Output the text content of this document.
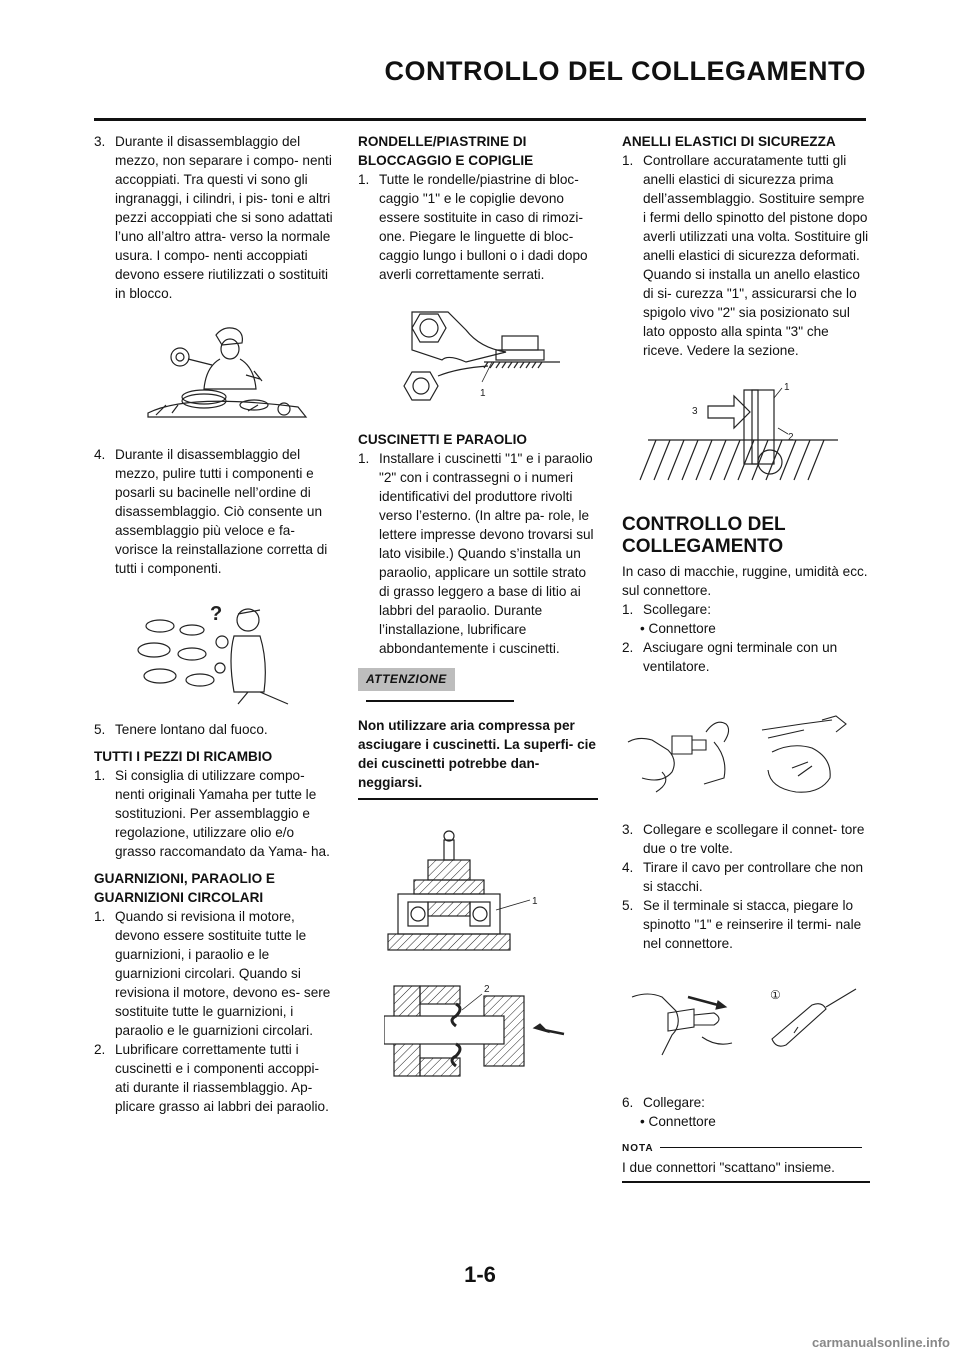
CONTROLLO DEL COLLEGAMENTO

3. Durante il disassemblaggio del mezzo, non separare i compo- nenti accoppiati. Tra questi vi sono gli ingranaggi, i cilindri, i pis- toni e altri pezzi accoppiati che si sono adattati l’uno all’altro attra- verso la normale usura. I compo- nenti accoppiati devono essere riutilizzati o sostituiti in blocco.

4. Durante il disassemblaggio del mezzo, pulire tutti i componenti e posarli su bacinelle nell’ordine di disassemblaggio. Ciò consente un assemblaggio più veloce e fa- vorisce la reinstallazione corretta di tutti i componenti.

?

5. Tenere lontano dal fuoco.

TUTTI I PEZZI DI RICAMBIO

1. Si consiglia di utilizzare compo- nenti originali Yamaha per tutte le sostituzioni. Per assemblaggio e regolazione, utilizzare olio e/o grasso raccomandato da Yama- ha.

GUARNIZIONI, PARAOLIO E GUARNIZIONI CIRCOLARI

1. Quando si revisiona il motore, devono essere sostituite tutte le guarnizioni, i paraolio e le guarnizioni circolari. Quando si revisiona il motore, devono es- sere sostituite tutte le guarnizioni, i paraolio e le guarnizioni circolari.

2. Lubrificare correttamente tutti i cuscinetti e i componenti accoppi- ati durante il riassemblaggio. Ap- plicare grasso ai labbri dei paraolio.

RONDELLE/PIASTRINE DI BLOCCAGGIO E COPIGLIE

1. Tutte le rondelle/piastrine di bloc- caggio "1" e le copiglie devono essere sostituite in caso di rimozi- one. Piegare le linguette di bloc- caggio lungo i bulloni o i dadi dopo averli correttamente serrati.

1

CUSCINETTI E PARAOLIO

1. Installare i cuscinetti "1" e i paraolio "2" con i contrassegni o i numeri identificativi del produttore rivolti verso l’esterno. (In altre pa- role, le lettere impresse devono trovarsi sul lato visibile.) Quando s’installa un paraolio, applicare un sottile strato di grasso leggero a base di litio ai labbri del paraolio. Durante l’installazione, lubrificare abbondantemente i cuscinetti.

ATTENZIONE

Non utilizzare aria compressa per asciugare i cuscinetti. La superfi- cie dei cuscinetti potrebbe dan- neggiarsi.

1
2

ANELLI ELASTICI DI SICUREZZA

1. Controllare accuratamente tutti gli anelli elastici di sicurezza prima dell’assemblaggio. Sostituire sempre i fermi dello spinotto del pistone dopo averli utilizzati una volta. Sostituire gli anelli elastici di sicurezza deformati. Quando si installa un anello elastico di si- curezza "1", assicurarsi che lo spigolo vivo "2" sia posizionato sul lato opposto alla spinta "3" che riceve. Vedere la sezione.

1
2
3

CONTROLLO DEL COLLEGAMENTO

In caso di macchie, ruggine, umidità ecc. sul connettore.

1. Scollegare:

• Connettore

2. Asciugare ogni terminale con un ventilatore.

3. Collegare e scollegare il connet- tore due o tre volte.

4. Tirare il cavo per controllare che non si stacchi.

5. Se il terminale si stacca, piegare lo spinotto "1" e reinserire il termi- nale nel connettore.

①

6. Collegare:

• Connettore

NOTA

I due connettori "scattano" insieme.

1-6
carmanualsonline.info
